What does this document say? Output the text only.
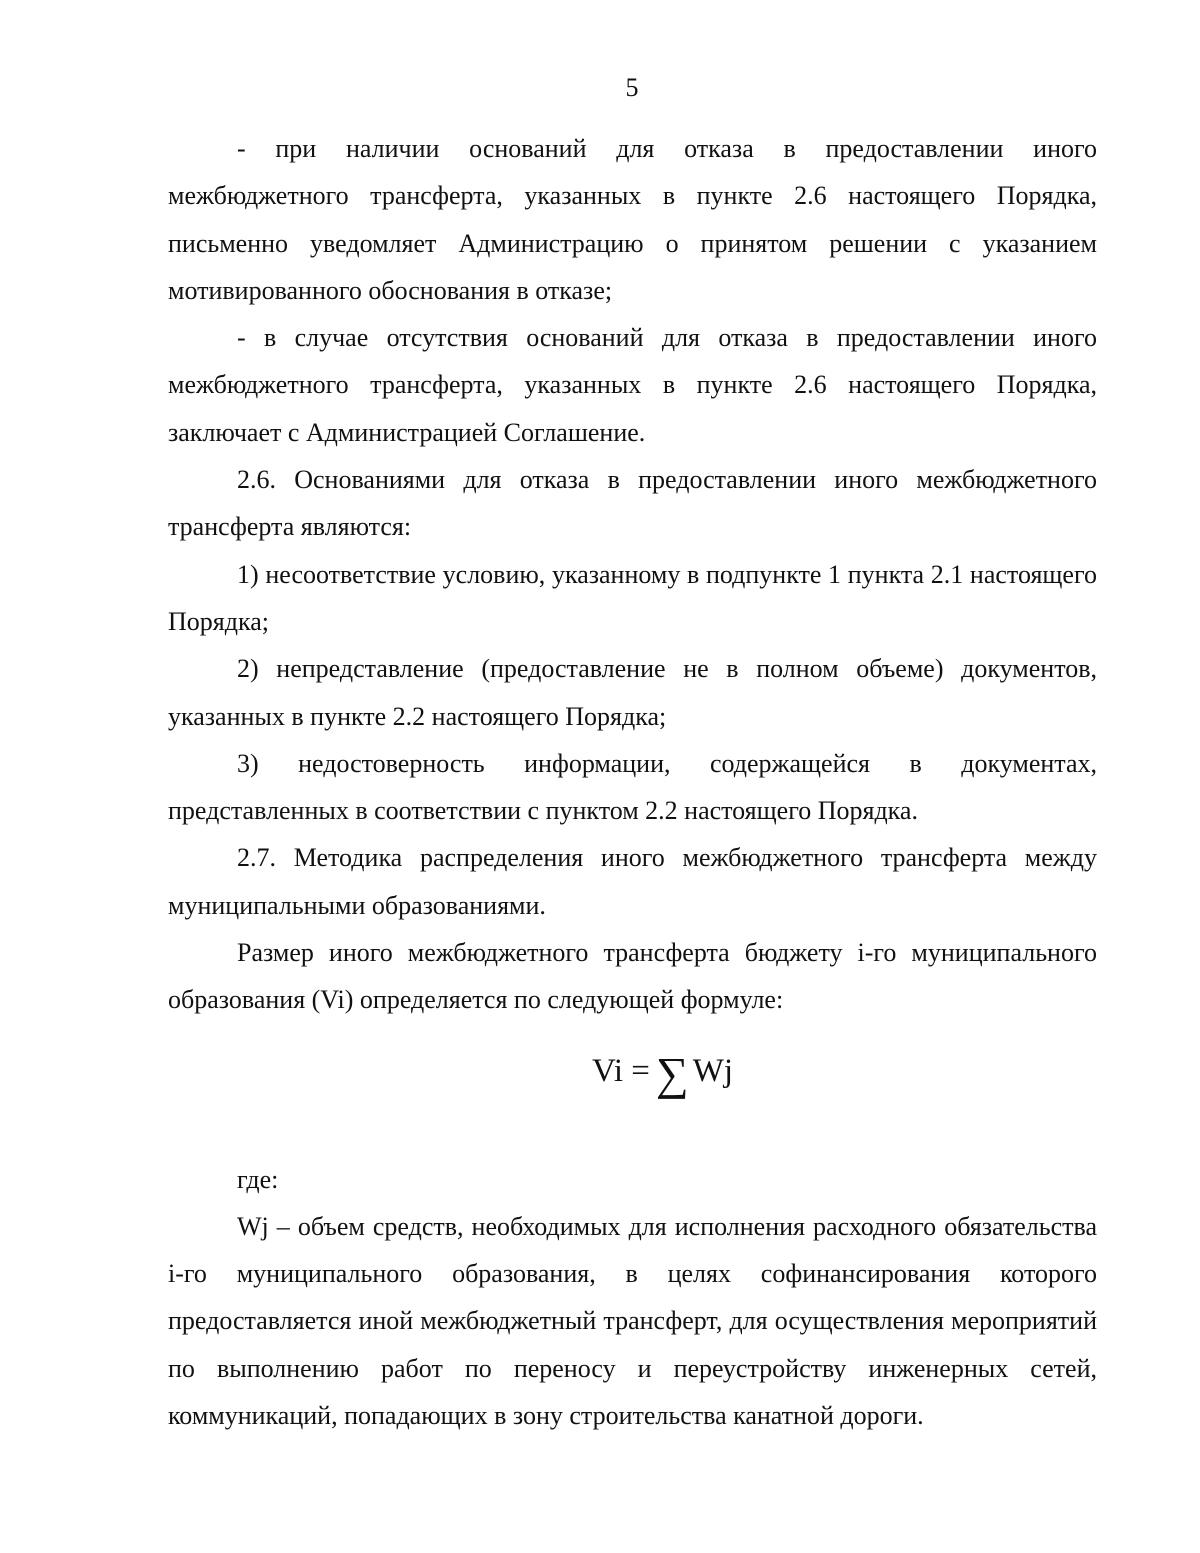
5

- при наличии оснований для отказа в предоставлении иного межбюджетного трансферта, указанных в пункте 2.6 настоящего Порядка, письменно уведомляет Администрацию о принятом решении с указанием мотивированного обоснования в отказе;

- в случае отсутствия оснований для отказа в предоставлении иного межбюджетного трансферта, указанных в пункте 2.6 настоящего Порядка, заключает с Администрацией Соглашение.

2.6. Основаниями для отказа в предоставлении иного межбюджетного трансферта являются:

1) несоответствие условию, указанному в подпункте 1 пункта 2.1 настоящего Порядка;

2) непредставление (предоставление не в полном объеме) документов, указанных в пункте 2.2 настоящего Порядка;

3) недостоверность информации, содержащейся в документах, представленных в соответствии с пунктом 2.2 настоящего Порядка.

2.7. Методика распределения иного межбюджетного трансферта между муниципальными образованиями.

Размер иного межбюджетного трансферта бюджету i-го муниципального образования (Vi) определяется по следующей формуле:

Vi = ∑ Wj

где:

Wj – объем средств, необходимых для исполнения расходного обязательства i-го муниципального образования, в целях софинансирования которого предоставляется иной межбюджетный трансферт, для осуществления мероприятий по выполнению работ по переносу и переустройству инженерных сетей, коммуникаций, попадающих в зону строительства канатной дороги.
